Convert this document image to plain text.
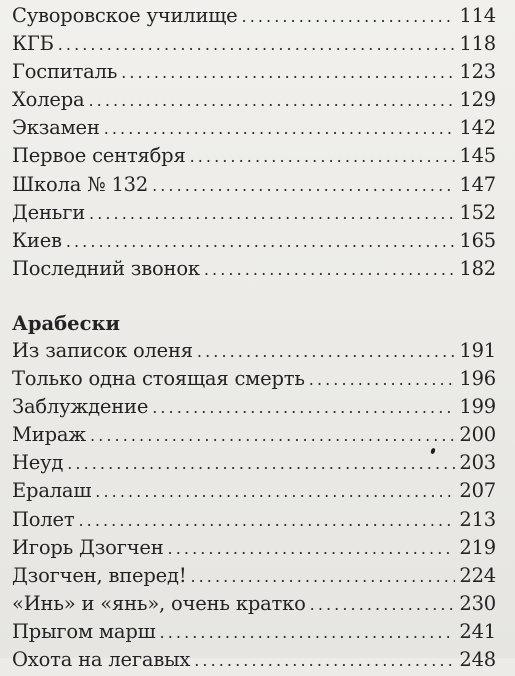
Суворовское училище . . .	114
КГБ . . .	118
Госпиталь . . .	123
Холера . . .	129
Экзамен . . .	142
Первое сентября . . .	145
Школа № 132 . . .	147
Деньги . . .	152
Киев . . .	165
Последний звонок . . .	182
Арабески
Из записок оленя . . .	191
Только одна стоящая смерть . . .	196
Заблуждение . . .	199
Мираж . . .	200
Неуд . . .	203
Ералаш . . .	207
Полет . . .	213
Игорь Дзогчен . . .	219
Дзогчен, вперед! . . .	224
«Инь» и «янь», очень кратко . . .	230
Прыгом марш . . .	241
Охота на легавых . . .	248
